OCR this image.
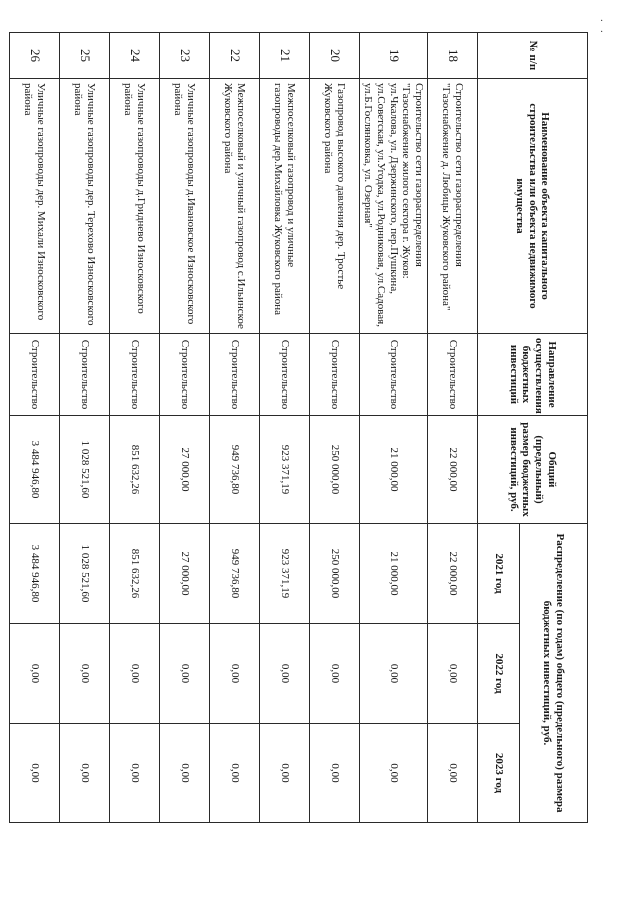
· ·
№ п/п	Наименование объекта капитального строительства или объекта недвижимого имущества	Направление осуществления бюджетных инвестиций	Общий (предельный) размер бюджетных инвестиций, руб.	Распределение (по годам) общего (предельного) размера бюджетных инвестиций, руб.		
				2021 год	2022 год	2023 год
18	Строительство сети газораспределения "Газоснабжение д. Любицы Жуковского района"	Строительство	22 000,00	22 000,00	0,00	0,00
19	Строительство сети газораспределения "Газоснабжение жилого сектора г. Жуков: ул.Чкалова, ул. Дзержинского, пер.Пушкина, ул.Советская, ул.Угодка, ул.Родниковая, ул.Садовая, ул.Б.Гослянковка, ул. Озерная"	Строительство	21 000,00	21 000,00	0,00	0,00
20	Газопровод высокого давления дер. Тростье Жуковского района	Строительство	250 000,00	250 000,00	0,00	0,00
21	Межпоселковый газопровод и уличные газопроводы дер.Михайловка Жуковского района	Строительство	923 371,19	923 371,19	0,00	0,00
22	Межпоселковый и уличный газопровод с.Ильинское Жуковского района	Строительство	949 736,80	949 736,80	0,00	0,00
23	Уличные газопроводы д.Ивановское Износковского района	Строительство	27 000,00	27 000,00	0,00	0,00
24	Уличные газопроводы д.Гриднево Износковского района	Строительство	851 632,26	851 632,26	0,00	0,00
25	Уличные газопроводы дер. Терехово Износковского района	Строительство	1 028 521,60	1 028 521,60	0,00	0,00
26	Уличные газопроводы дер. Михали Износковского района	Строительство	3 484 946,80	3 484 946,80	0,00	0,00
